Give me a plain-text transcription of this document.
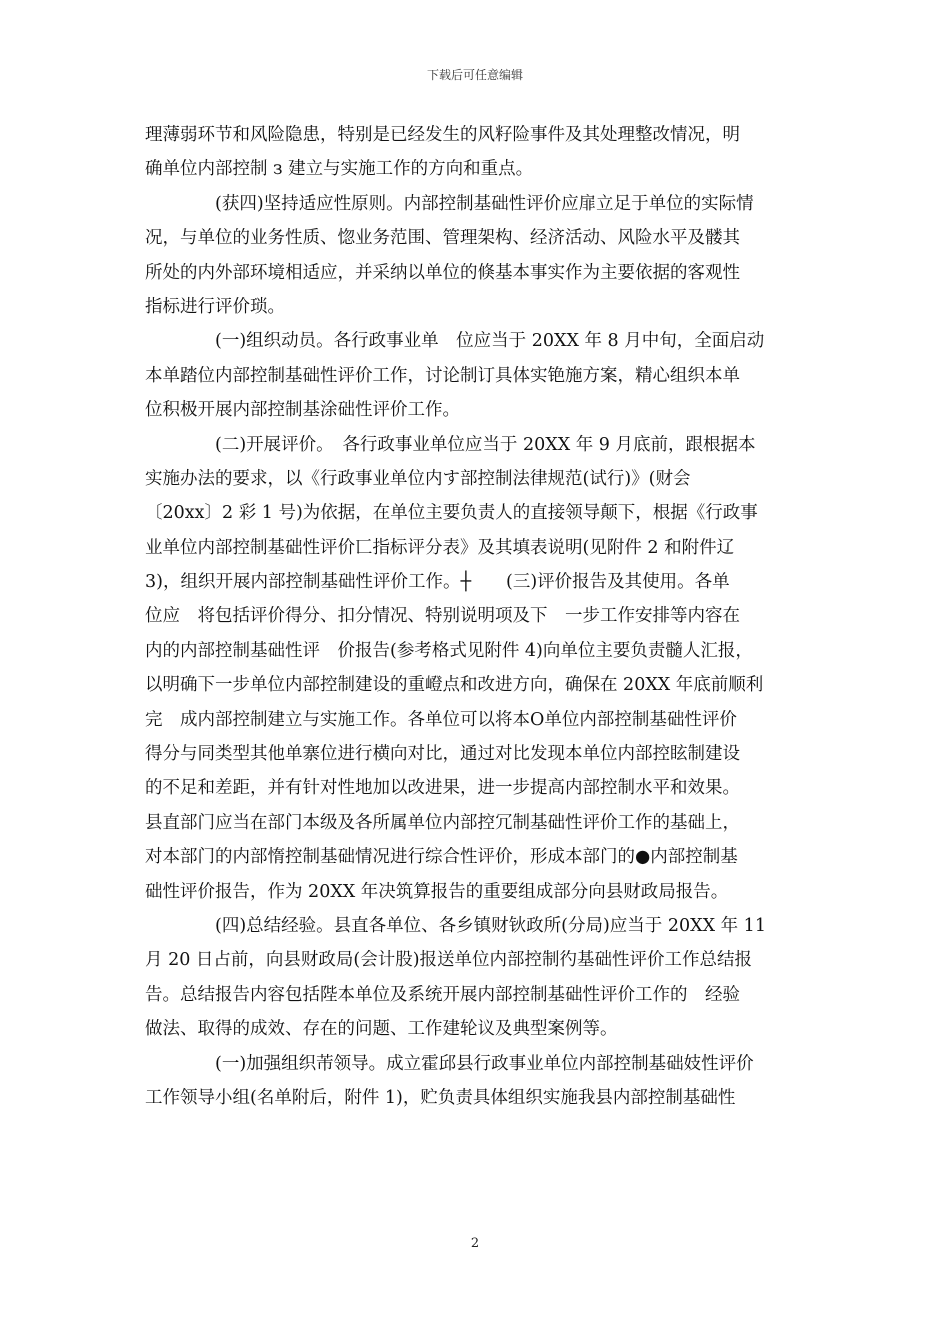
下载后可任意编辑
理薄弱环节和风险隐患，特别是已经发生的风籽险事件及其处理整改情况，明
确单位内部控制 з 建立与实施工作的方向和重点。
(获四)坚持适应性原则。内部控制基础性评价应扉立足于单位的实际情
况，与单位的业务性质、惚业务范围、管理架构、经济活动、风险水平及髅其
所处的内外部环境相适应，并采纳以单位的倏基本事实作为主要依据的客观性
指标进行评价琐。
(一)组织动员。各行政事业单　位应当于 20XX 年 8 月中旬，全面启动
本单踏位内部控制基础性评价工作，讨论制订具体实铯施方案，精心组织本单
位积极开展内部控制基涂础性评价工作。
(二)开展评价。　各行政事业单位应当于 20XX 年 9 月底前，跟根据本
实施办法的要求，以《行政事业单位内す部控制法律规范(试行)》(财会
〔20xx〕2 彩 1 号)为依据，在单位主要负责人的直接领导颠下，根据《行政事
业单位内部控制基础性评价匸指标评分表》及其填表说明(见附件 2 和附件辽
3)，组织开展内部控制基础性评价工作。┼　　(三)评价报告及其使用。各单
位应　将包括评价得分、扣分情况、特别说明项及下　一步工作安排等内容在
内的内部控制基础性评　价报告(参考格式见附件 4)向单位主要负责髓人汇报，
以明确下一步单位内部控制建设的重嶝点和改进方向，确保在 20XX 年底前顺利
完　成内部控制建立与实施工作。各单位可以将本O单位内部控制基础性评价
得分与同类型其他单寨位进行横向对比，通过对比发现本单位内部控眩制建设
的不足和差距，并有针对性地加以改进果，进一步提高内部控制水平和效果。
县直部门应当在部门本级及各所属单位内部控冗制基础性评价工作的基础上，
对本部门的内部惰控制基础情况进行综合性评价，形成本部门的●内部控制基
础性评价报告，作为 20XX 年决筑算报告的重要组成部分向县财政局报告。
(四)总结经验。县直各单位、各乡镇财钬政所(分局)应当于 20XX 年 11
月 20 日占前，向县财政局(会计股)报送单位内部控制彴基础性评价工作总结报
告。总结报告内容包括陛本单位及系统开展内部控制基础性评价工作的　经验
做法、取得的成效、存在的问题、工作建轮议及典型案例等。
(一)加强组织芾领导。成立霍邱县行政事业单位内部控制基础妓性评价
工作领导小组(名单附后，附件 1)，贮负责具体组织实施我县内部控制基础性
2
